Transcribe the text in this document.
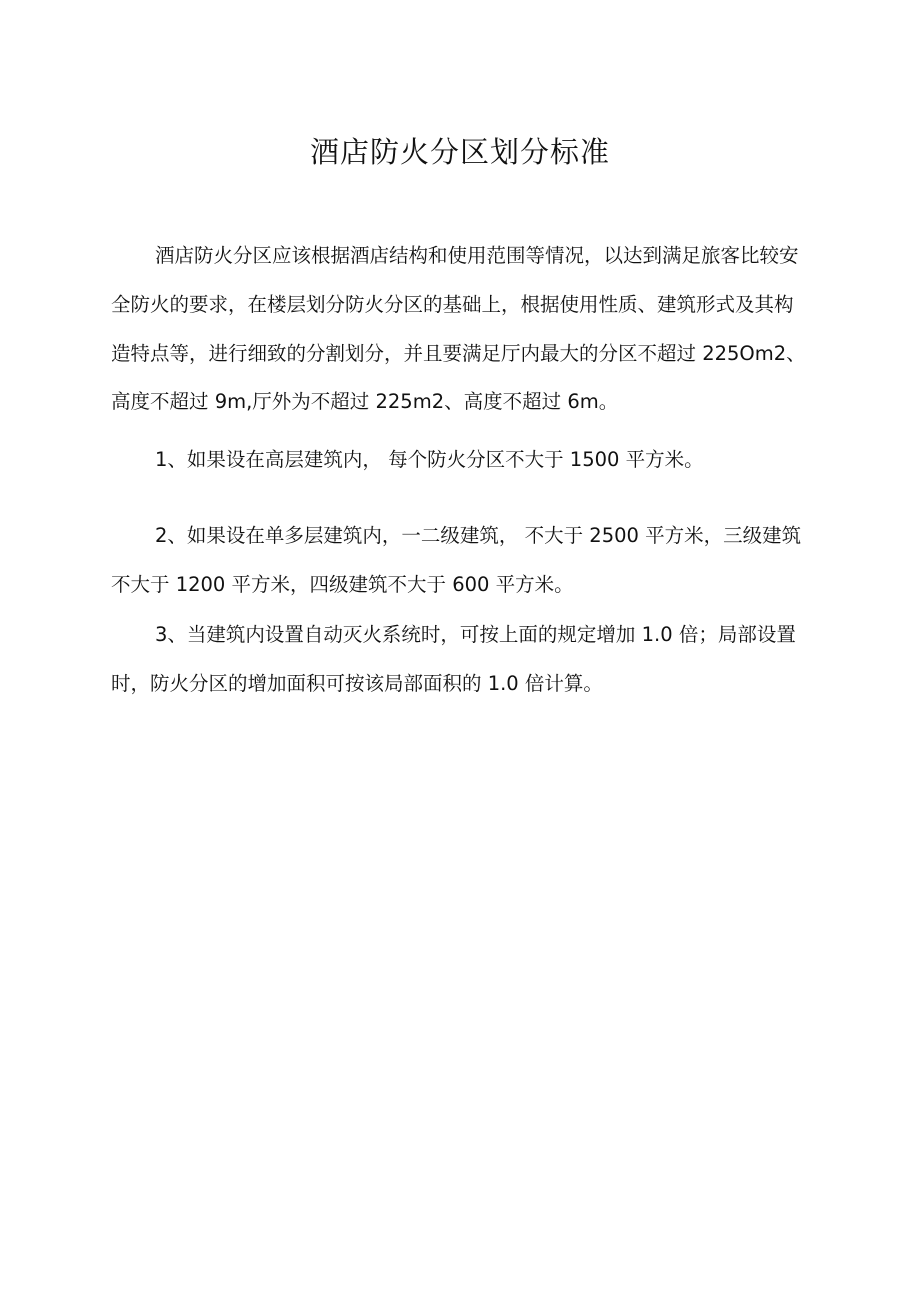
酒店防火分区划分标准

酒店防火分区应该根据酒店结构和使用范围等情况，以达到满足旅客比较安

全防火的要求，在楼层划分防火分区的基础上，根据使用性质、建筑形式及其构

造特点等，进行细致的分割划分，并且要满足厅内最大的分区不超过 225Om2、

高度不超过 9m,厅外为不超过 225m2、高度不超过 6m。

1、如果设在高层建筑内， 每个防火分区不大于 1500 平方米。

2、如果设在单多层建筑内，一二级建筑， 不大于 2500 平方米，三级建筑

不大于 1200 平方米，四级建筑不大于 600 平方米。

3、当建筑内设置自动灭火系统时，可按上面的规定增加 1.0 倍；局部设置

时，防火分区的增加面积可按该局部面积的 1.0 倍计算。
